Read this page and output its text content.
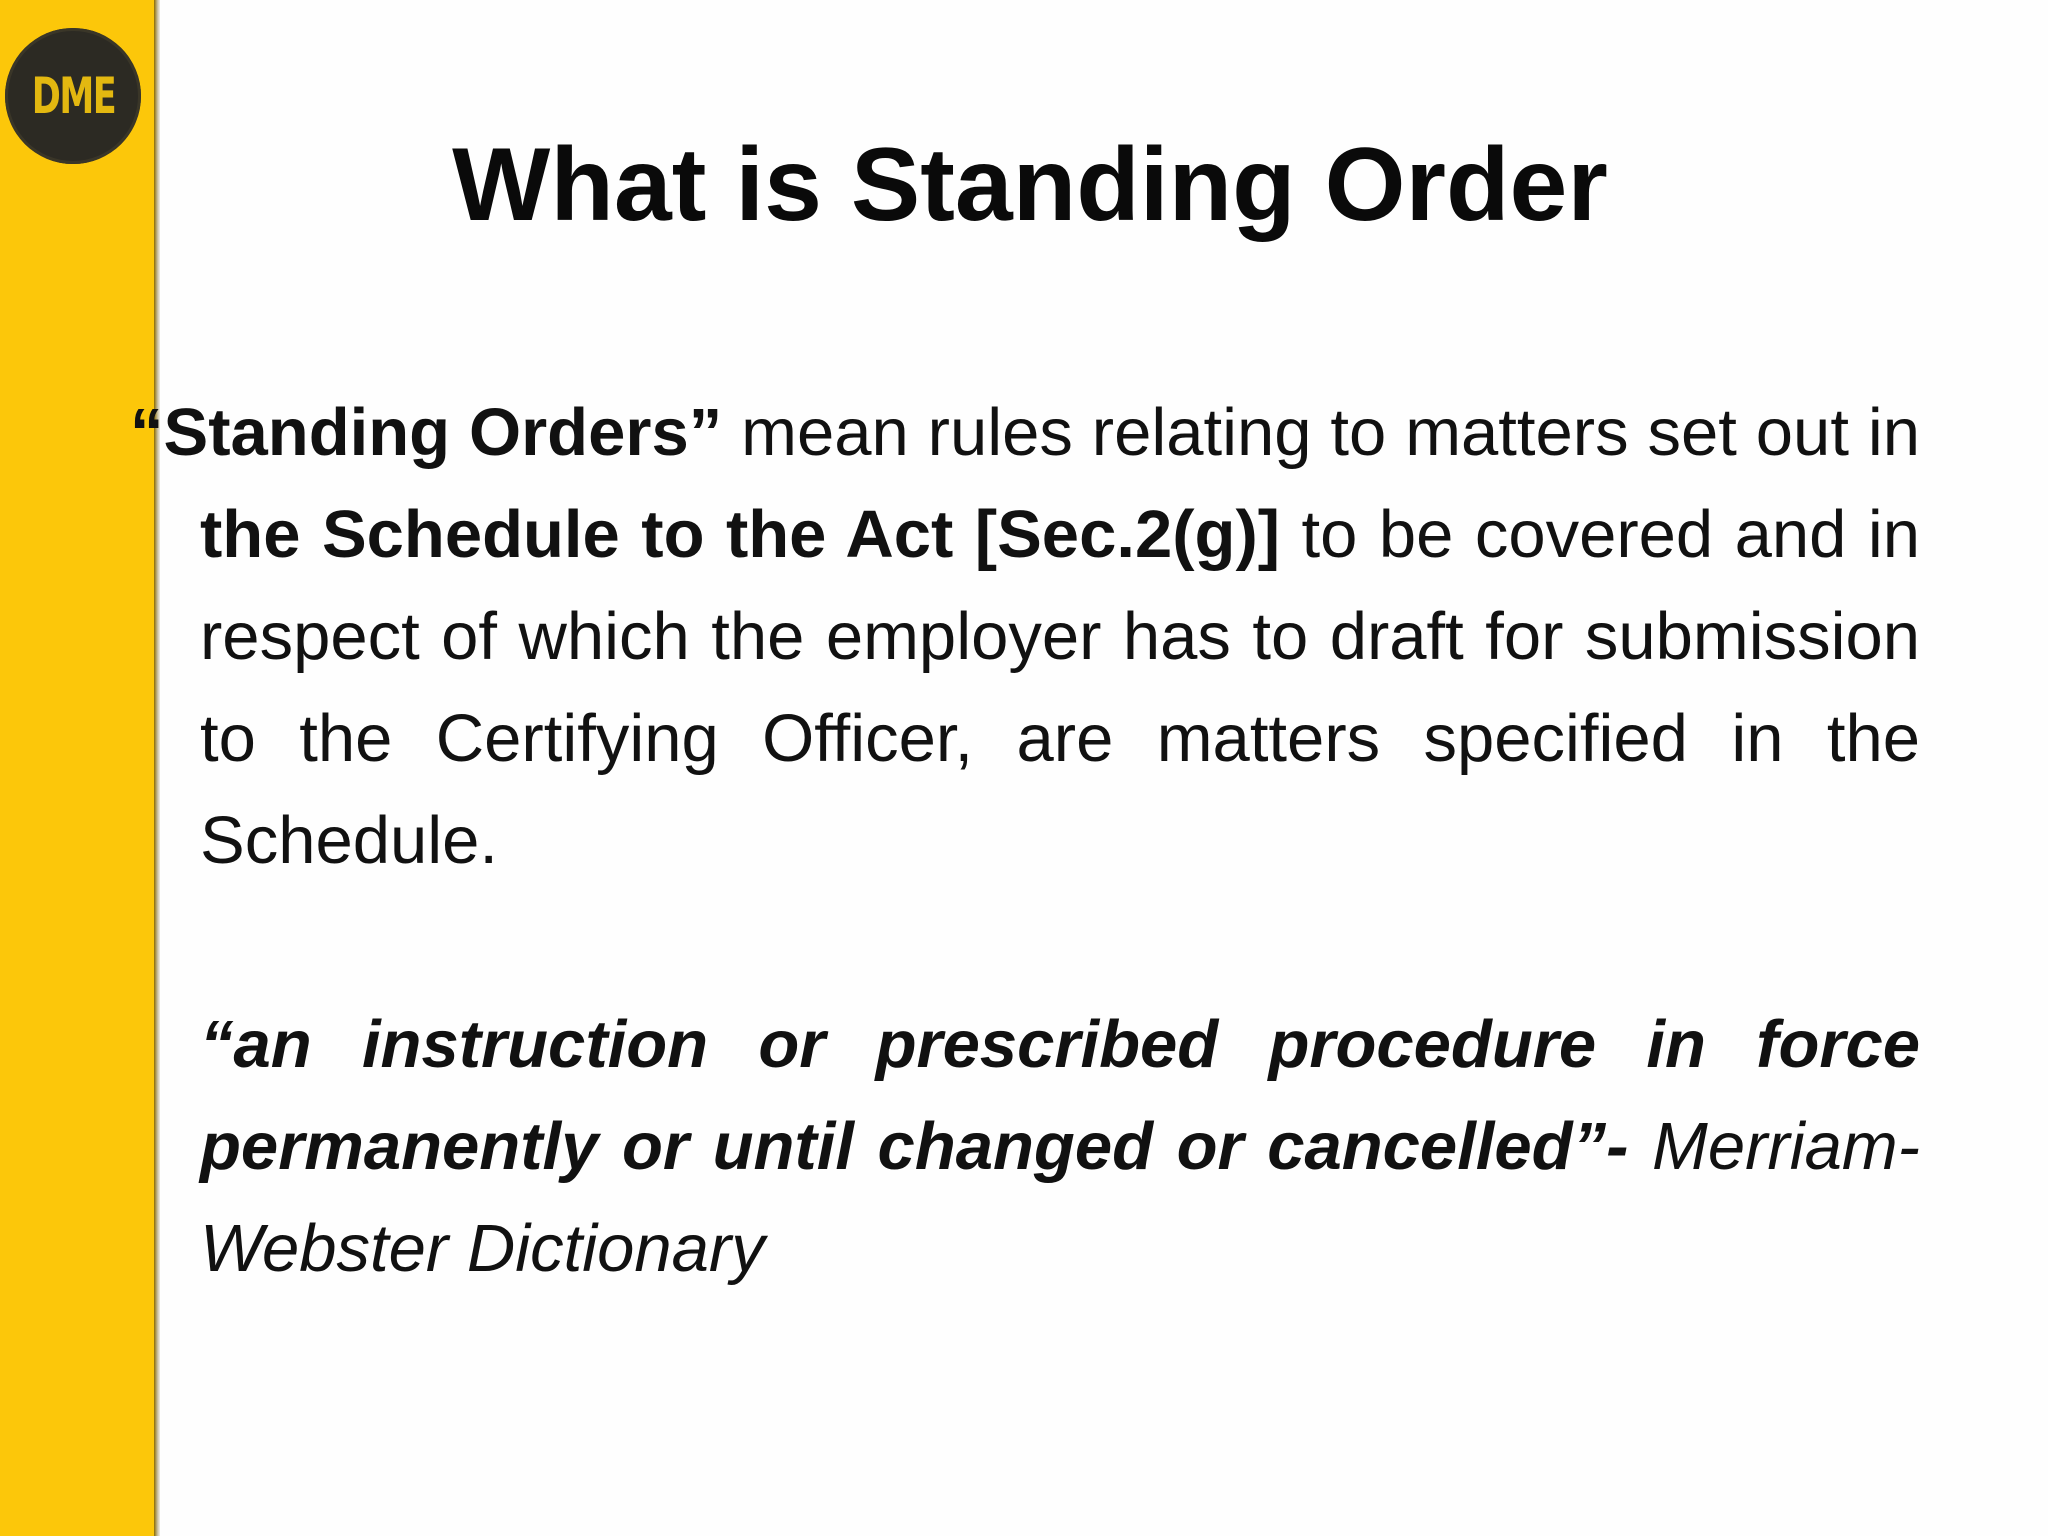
DME
What is Standing Order

“Standing Orders” mean rules relating to matters set out in the Schedule to the Act [Sec.2(g)] to be covered and in respect of which the employer has to draft for submission to the Certifying Officer, are matters specified in the Schedule.

“an instruction or prescribed procedure in force permanently or until changed or cancelled”- Merriam-Webster Dictionary
